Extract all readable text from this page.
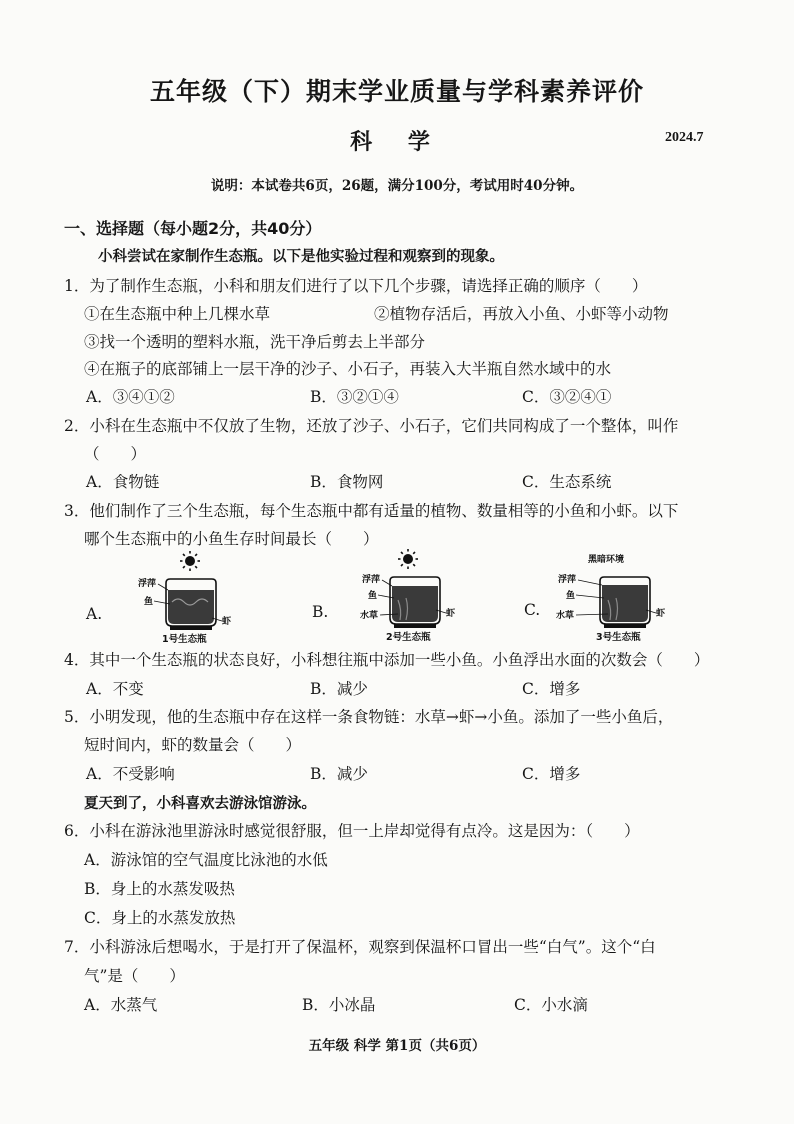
五年级（下）期末学业质量与学科素养评价
科 学	2024.7
说明：本试卷共6页，26题，满分100分，考试用时40分钟。
一、选择题（每小题2分，共40分）
小科尝试在家制作生态瓶。以下是他实验过程和观察到的现象。
1．为了制作生态瓶，小科和朋友们进行了以下几个步骤，请选择正确的顺序（　　）
①在生态瓶中种上几棵水草	②植物存活后，再放入小鱼、小虾等小动物
③找一个透明的塑料水瓶，洗干净后剪去上半部分
④在瓶子的底部铺上一层干净的沙子、小石子，再装入大半瓶自然水域中的水
A．③④①②	B．③②①④	C．③②④①
2．小科在生态瓶中不仅放了生物，还放了沙子、小石子，它们共同构成了一个整体，叫作
（　　）
A．食物链	B．食物网	C．生态系统
3．他们制作了三个生态瓶，每个生态瓶中都有适量的植物、数量相等的小鱼和小虾。以下
哪个生态瓶中的小鱼生存时间最长（　　）
A.	B.	C.
浮萍
鱼
虾
1号生态瓶
浮萍
鱼
水草	虾
2号生态瓶
黑暗环境
浮萍
鱼
水草	虾
3号生态瓶
4．其中一个生态瓶的状态良好，小科想往瓶中添加一些小鱼。小鱼浮出水面的次数会（　　）
A．不变	B．减少	C．增多
5．小明发现，他的生态瓶中存在这样一条食物链：水草→虾→小鱼。添加了一些小鱼后，
短时间内，虾的数量会（　　）
A．不受影响	B．减少	C．增多
夏天到了，小科喜欢去游泳馆游泳。
6．小科在游泳池里游泳时感觉很舒服，但一上岸却觉得有点冷。这是因为：（　　）
A．游泳馆的空气温度比泳池的水低
B．身上的水蒸发吸热
C．身上的水蒸发放热
7．小科游泳后想喝水，于是打开了保温杯，观察到保温杯口冒出一些“白气”。这个“白
气”是（　　）
A．水蒸气	B．小冰晶	C．小水滴
五年级 科学 第1页（共6页）
